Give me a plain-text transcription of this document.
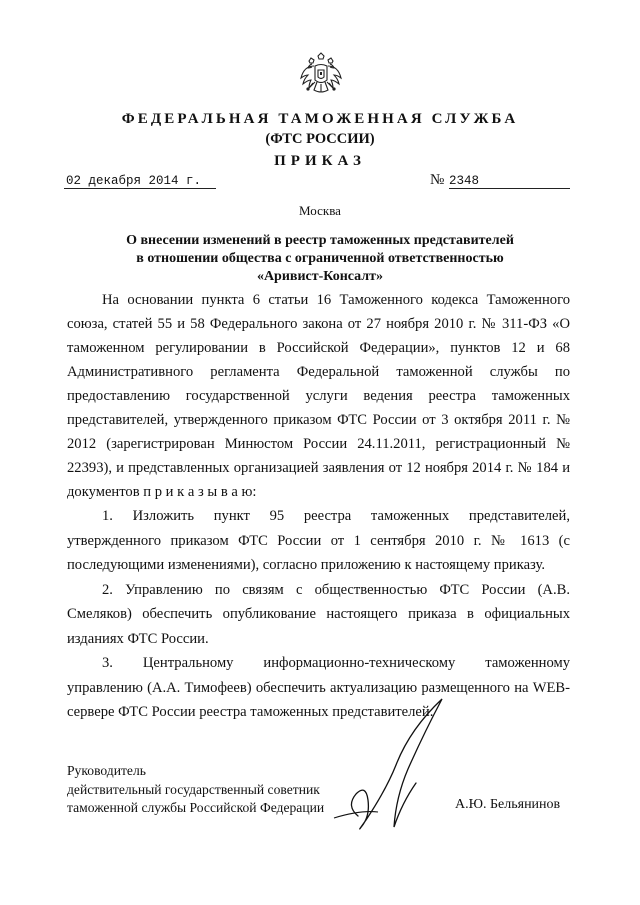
ФЕДЕРАЛЬНАЯ ТАМОЖЕННАЯ СЛУЖБА
(ФТС РОССИИ)
ПРИКАЗ
02 декабря 2014 г.	№ 2348
Москва
О внесении изменений в реестр таможенных представителей
в отношении общества с ограниченной ответственностью
«Аривист-Консалт»

На основании пункта 6 статьи 16 Таможенного кодекса Таможенного союза, статей 55 и 58 Федерального закона от 27 ноября 2010 г. № 311-ФЗ «О таможенном регулировании в Российской Федерации», пунктов 12 и 68 Административного регламента Федеральной таможенной службы по предоставлению государственной услуги ведения реестра таможенных представителей, утвержденного приказом ФТС России от 3 октября 2011 г. № 2012 (зарегистрирован Минюстом России 24.11.2011, регистрационный № 22393), и представленных организацией заявления от 12 ноября 2014 г. № 184 и документов п р и к а з ы в а ю:

1. Изложить пункт 95 реестра таможенных представителей, утвержденного приказом ФТС России от 1 сентября 2010 г. № 1613 (с последующими изменениями), согласно приложению к настоящему приказу.

2. Управлению по связям с общественностью ФТС России (А.В. Смеляков) обеспечить опубликование настоящего приказа в официальных изданиях ФТС России.

3. Центральному информационно-техническому таможенному управлению (А.А. Тимофеев) обеспечить актуализацию размещенного на WEB-сервере ФТС России реестра таможенных представителей.

Руководитель
действительный государственный советник
таможенной службы Российской Федерации	А.Ю. Бельянинов
